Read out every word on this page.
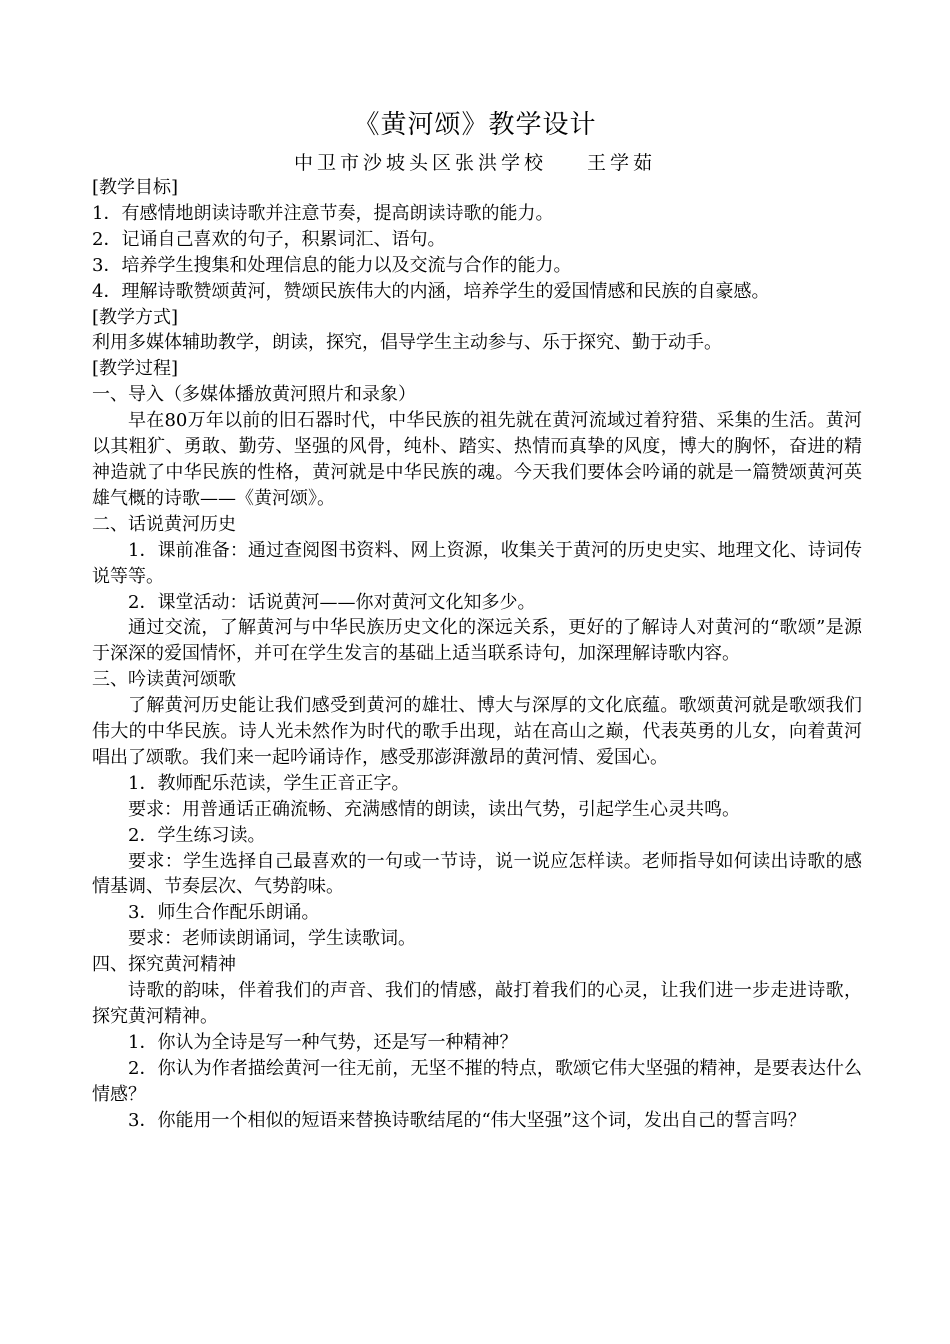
《黄河颂》教学设计
中卫市沙坡头区张洪学校 王学茹

[教学目标]

1．有感情地朗读诗歌并注意节奏，提高朗读诗歌的能力。

2．记诵自己喜欢的句子，积累词汇、语句。

3．培养学生搜集和处理信息的能力以及交流与合作的能力。

4．理解诗歌赞颂黄河，赞颂民族伟大的内涵，培养学生的爱国情感和民族的自豪感。

[教学方式]

利用多媒体辅助教学，朗读，探究，倡导学生主动参与、乐于探究、勤于动手。

[教学过程]

一、导入（多媒体播放黄河照片和录象）

早在80万年以前的旧石器时代，中华民族的祖先就在黄河流域过着狩猎、采集的生活。黄河以其粗犷、勇敢、勤劳、坚强的风骨，纯朴、踏实、热情而真挚的风度，博大的胸怀，奋进的精神造就了中华民族的性格，黄河就是中华民族的魂。今天我们要体会吟诵的就是一篇赞颂黄河英雄气概的诗歌——《黄河颂》。

二、话说黄河历史

1．课前准备：通过查阅图书资料、网上资源，收集关于黄河的历史史实、地理文化、诗词传说等等。

2．课堂活动：话说黄河——你对黄河文化知多少。

通过交流，了解黄河与中华民族历史文化的深远关系，更好的了解诗人对黄河的“歌颂”是源于深深的爱国情怀，并可在学生发言的基础上适当联系诗句，加深理解诗歌内容。

三、吟读黄河颂歌

了解黄河历史能让我们感受到黄河的雄壮、博大与深厚的文化底蕴。歌颂黄河就是歌颂我们伟大的中华民族。诗人光未然作为时代的歌手出现，站在高山之巅，代表英勇的儿女，向着黄河唱出了颂歌。我们来一起吟诵诗作，感受那澎湃激昂的黄河情、爱国心。

1．教师配乐范读，学生正音正字。

要求：用普通话正确流畅、充满感情的朗读，读出气势，引起学生心灵共鸣。

2．学生练习读。

要求：学生选择自己最喜欢的一句或一节诗，说一说应怎样读。老师指导如何读出诗歌的感情基调、节奏层次、气势韵味。

3．师生合作配乐朗诵。

要求：老师读朗诵词，学生读歌词。

四、探究黄河精神

诗歌的韵味，伴着我们的声音、我们的情感，敲打着我们的心灵，让我们进一步走进诗歌，探究黄河精神。

1．你认为全诗是写一种气势，还是写一种精神？

2．你认为作者描绘黄河一往无前，无坚不摧的特点，歌颂它伟大坚强的精神，是要表达什么情感？

3．你能用一个相似的短语来替换诗歌结尾的“伟大坚强”这个词，发出自己的誓言吗？
